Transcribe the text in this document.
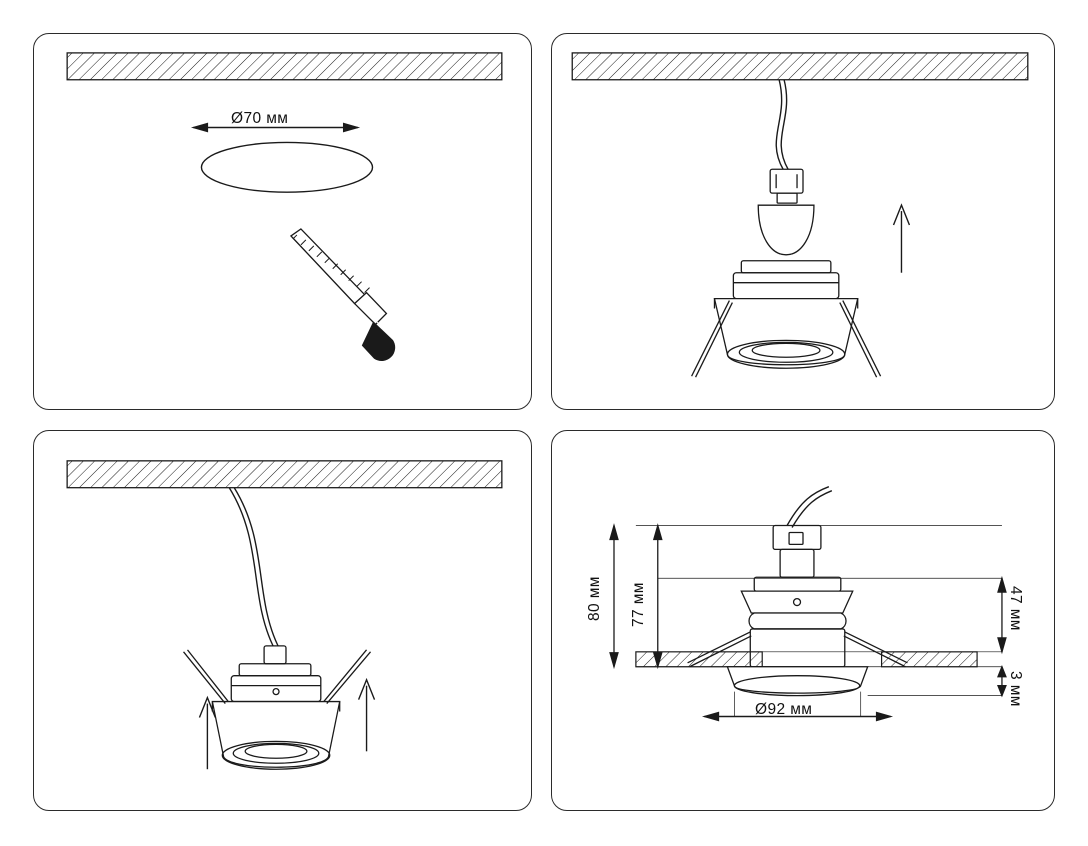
Ø70 мм
80 мм 77 мм	47 мм
3 мм
Ø92 мм
